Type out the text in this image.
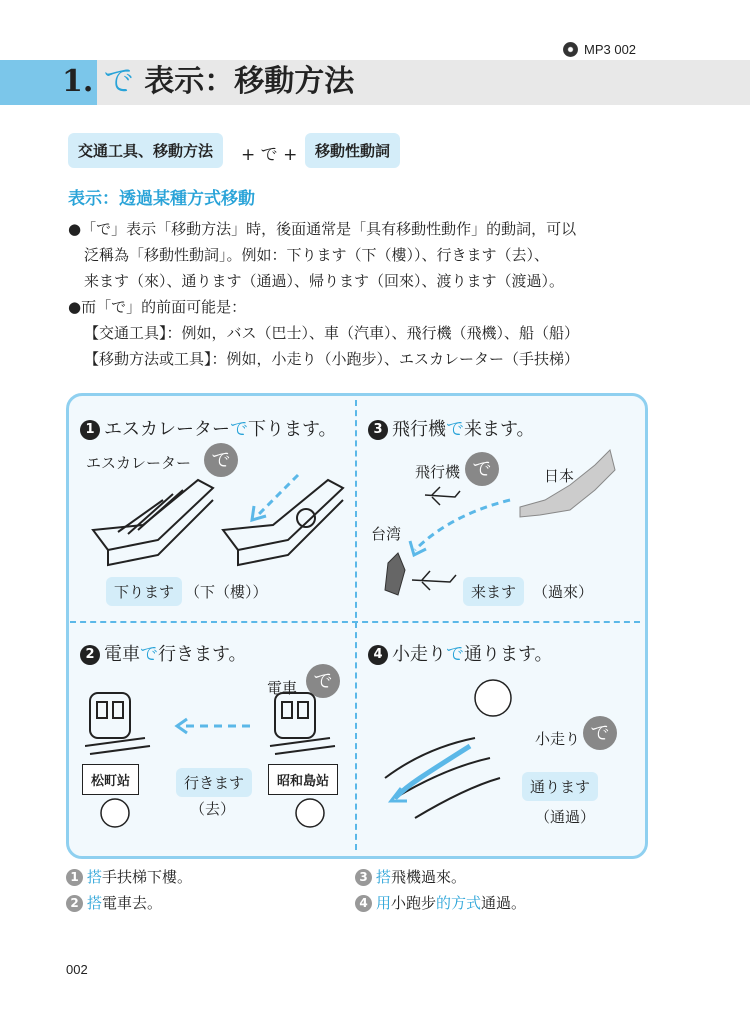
MP3 002
1. で 表示：移動方法
交通工具、移動方法	+ で +	移動性動詞
表示：透過某種方式移動
●「で」表示「移動方法」時，後面通常是「具有移動性動作」的動詞，可以
泛稱為「移動性動詞」。例如：下ります（下（樓））、行きます（去）、
来ます（來）、通ります（通過）、帰ります（回來）、渡ります（渡過）。
●而「で」的前面可能是：
【交通工具】：例如，バス（巴士）、車（汽車）、飛行機（飛機）、船（船）
【移動方法或工具】：例如，小走り（小跑步）、エスカレーター（手扶梯）
1 エスカレーターで下ります。
エスカレーター	で
下ります （下（樓））
3 飛行機で来ます。
飛行機 で	日本
台湾
来ます	（過來）
2 電車で行きます。
電車 で
松町站	昭和島站
行きます
（去）
4 小走りで通ります。
小走り で
通ります
（通過）
1 搭手扶梯下樓。
2 搭電車去。
3 搭飛機過來。
4 用小跑步的方式通過。
002
